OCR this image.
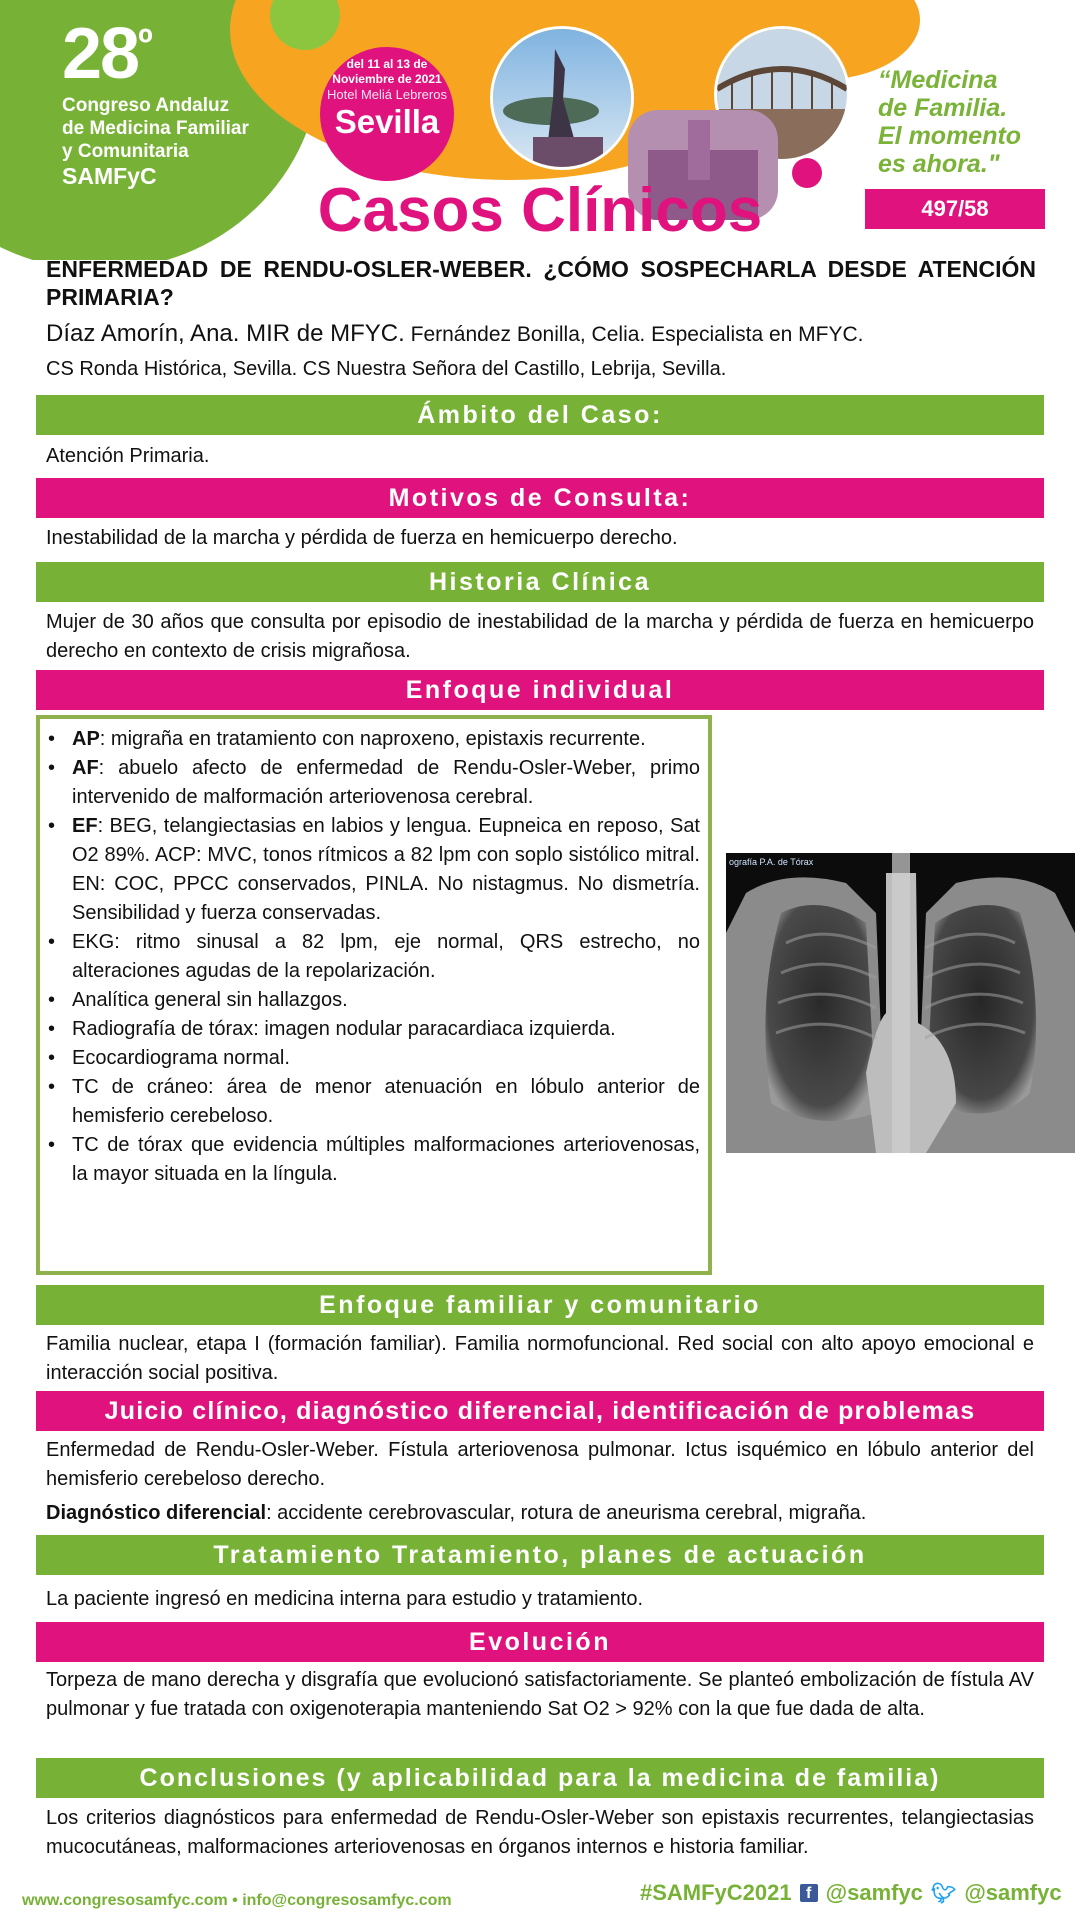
$28^º$
Congreso Andaluz
de Medicina Familiar
y Comunitaria
SAMFyC
del 11 al 13 de
Noviembre de 2021
Hotel Meliá Lebreros
Sevilla
“Medicina
de Familia.
El momento
es ahora."
497/58
Casos Clínicos
ENFERMEDAD DE RENDU-OSLER-WEBER. ¿CÓMO SOSPECHARLA DESDE ATENCIÓN PRIMARIA?
Díaz Amorín, Ana. MIR de MFYC. Fernández Bonilla, Celia. Especialista en MFYC.
CS Ronda Histórica, Sevilla. CS Nuestra Señora del Castillo, Lebrija, Sevilla.
Ámbito del Caso:

Atención Primaria.

Motivos de Consulta:

Inestabilidad de la marcha y pérdida de fuerza en hemicuerpo derecho.

Historia Clínica

Mujer de 30 años que consulta por episodio de inestabilidad de la marcha y pérdida de fuerza en hemicuerpo derecho en contexto de crisis migrañosa.

Enfoque individual
• AP: migraña en tratamiento con naproxeno, epistaxis recurrente.
• AF: abuelo afecto de enfermedad de Rendu-Osler-Weber, primo intervenido de malformación arteriovenosa cerebral.
• EF: BEG, telangiectasias en labios y lengua. Eupneica en reposo, Sat O2 89%. ACP: MVC, tonos rítmicos a 82 lpm con soplo sistólico mitral. EN: COC, PPCC conservados, PINLA. No nistagmus. No dismetría. Sensibilidad y fuerza conservadas.
• EKG: ritmo sinusal a 82 lpm, eje normal, QRS estrecho, no alteraciones agudas de la repolarización.
• Analítica general sin hallazgos.
• Radiografía de tórax: imagen nodular paracardiaca izquierda.
• Ecocardiograma normal.
• TC de cráneo: área de menor atenuación en lóbulo anterior de hemisferio cerebeloso.
• TC de tórax que evidencia múltiples malformaciones arteriovenosas, la mayor situada en la língula.
ografía P.A. de Tórax
Enfoque familiar y comunitario

Familia nuclear, etapa I (formación familiar). Familia normofuncional. Red social con alto apoyo emocional e interacción social positiva.

Juicio clínico, diagnóstico diferencial, identificación de problemas

Enfermedad de Rendu-Osler-Weber. Fístula arteriovenosa pulmonar. Ictus isquémico en lóbulo anterior del hemisferio cerebeloso derecho.

Diagnóstico diferencial: accidente cerebrovascular, rotura de aneurisma cerebral, migraña.

Tratamiento Tratamiento, planes de actuación

La paciente ingresó en medicina interna para estudio y tratamiento.

Evolución

Torpeza de mano derecha y disgrafía que evolucionó satisfactoriamente. Se planteó embolización de fístula AV pulmonar y fue tratada con oxigenoterapia manteniendo Sat O2 > 92% con la que fue dada de alta.

Conclusiones (y aplicabilidad para la medicina de familia)

Los criterios diagnósticos para enfermedad de Rendu-Osler-Weber son epistaxis recurrentes, telangiectasias mucocutáneas, malformaciones arteriovenosas en órganos internos e historia familiar.

www.congresosamfyc.com • info@congresosamfyc.com	#SAMFyC2021 f @samfyc 🐦︎ @samfyc
